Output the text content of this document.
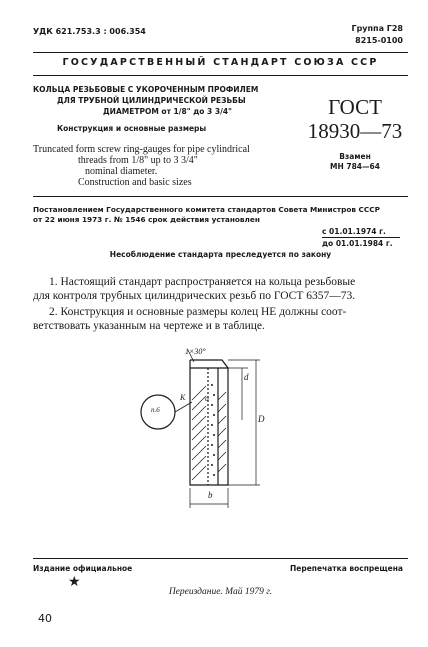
УДК 621.753.3 : 006.354	Группа Г28
8215-0100
ГОСУДАРСТВЕННЫЙ СТАНДАРТ СОЮЗА ССР
КОЛЬЦА РЕЗЬБОВЫЕ С УКОРОЧЕННЫМ ПРОФИЛЕМ
ДЛЯ ТРУБНОЙ ЦИЛИНДРИЧЕСКОЙ РЕЗЬБЫ
ДИАМЕТРОМ от 1/8" до 3 3/4"
Конструкция и основные размеры
Truncated form screw ring-gauges for pipe cylindrical
threads from 1/8" up to 3 3/4"
nominal diameter.
Construction and basic sizes
ГОСТ
18930—73
Взамен
МН 784—64
Постановлением Государственного комитета стандартов Совета Министров СССР
от 22 июня 1973 г. № 1546 срок действия установлен
с 01.01.1974 г.
до 01.01.1984 г.
Несоблюдение стандарта преследуется по закону
1. Настоящий стандарт распространяется на кольца резьбовые
для контроля трубных цилиндрических резьб по ГОСТ 6357—73.
2. Конструкция и основные размеры колец НЕ должны соот-
ветствовать указанным на чертеже и в таблице.
1×30°
К а
d
D
b
п.6
Издание официальное	Перепечатка воспрещена
★
Переиздание. Май 1979 г.
40
